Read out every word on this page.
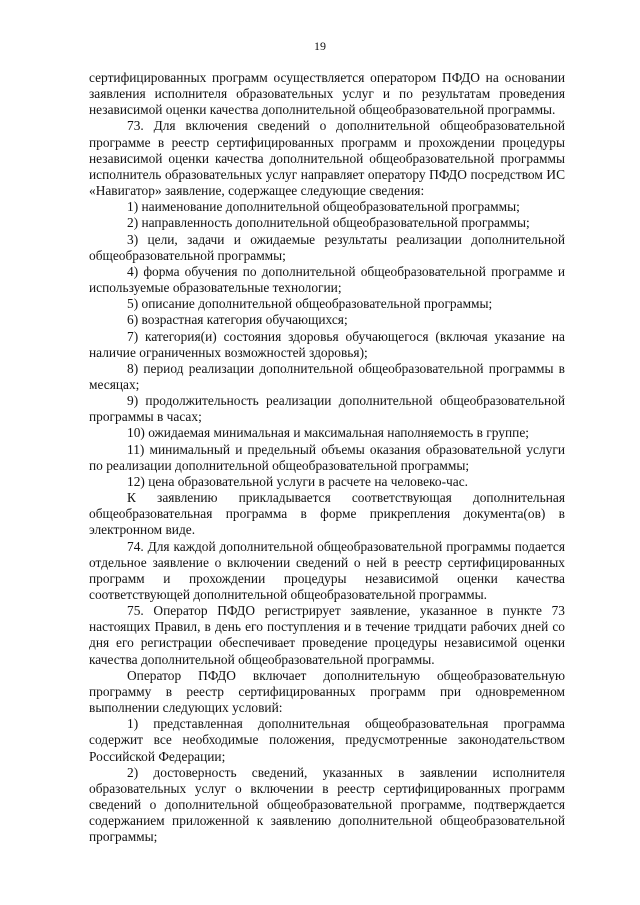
19

сертифицированных программ осуществляется оператором ПФДО на основании заявления исполнителя образовательных услуг и по результатам проведения независимой оценки качества дополнительной общеобразовательной программы.

73. Для включения сведений о дополнительной общеобразовательной программе в реестр сертифицированных программ и прохождении процедуры независимой оценки качества дополнительной общеобразовательной программы исполнитель образовательных услуг направляет оператору ПФДО посредством ИС «Навигатор» заявление, содержащее следующие сведения:

1) наименование дополнительной общеобразовательной программы;

2) направленность дополнительной общеобразовательной программы;

3) цели, задачи и ожидаемые результаты реализации дополнительной общеобразовательной программы;

4) форма обучения по дополнительной общеобразовательной программе и используемые образовательные технологии;

5) описание дополнительной общеобразовательной программы;

6) возрастная категория обучающихся;

7) категория(и) состояния здоровья обучающегося (включая указание на наличие ограниченных возможностей здоровья);

8) период реализации дополнительной общеобразовательной программы в месяцах;

9) продолжительность реализации дополнительной общеобразовательной программы в часах;

10) ожидаемая минимальная и максимальная наполняемость в группе;

11) минимальный и предельный объемы оказания образовательной услуги по реализации дополнительной общеобразовательной программы;

12) цена образовательной услуги в расчете на человеко-час.

К заявлению прикладывается соответствующая дополнительная общеобразовательная программа в форме прикрепления документа(ов) в электронном виде.

74. Для каждой дополнительной общеобразовательной программы подается отдельное заявление о включении сведений о ней в реестр сертифицированных программ и прохождении процедуры независимой оценки качества соответствующей дополнительной общеобразовательной программы.

75. Оператор ПФДО регистрирует заявление, указанное в пункте 73 настоящих Правил, в день его поступления и в течение тридцати рабочих дней со дня его регистрации обеспечивает проведение процедуры независимой оценки качества дополнительной общеобразовательной программы.

Оператор ПФДО включает дополнительную общеобразовательную программу в реестр сертифицированных программ при одновременном выполнении следующих условий:

1) представленная дополнительная общеобразовательная программа содержит все необходимые положения, предусмотренные законодательством Российской Федерации;

2) достоверность сведений, указанных в заявлении исполнителя образовательных услуг о включении в реестр сертифицированных программ сведений о дополнительной общеобразовательной программе, подтверждается содержанием приложенной к заявлению дополнительной общеобразовательной программы;
